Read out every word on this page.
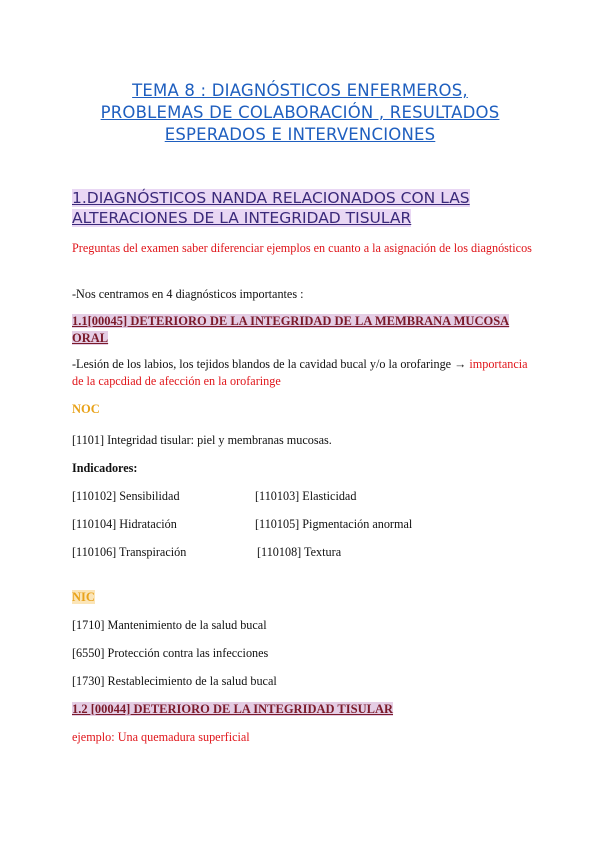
TEMA 8 : DIAGNÓSTICOS ENFERMEROS,
PROBLEMAS DE COLABORACIÓN , RESULTADOS
ESPERADOS E INTERVENCIONES
1.DIAGNÓSTICOS NANDA RELACIONADOS CON LAS
ALTERACIONES DE LA INTEGRIDAD TISULAR
Preguntas del examen saber diferenciar ejemplos en cuanto a la asignación de los diagnósticos
-Nos centramos en 4 diagnósticos importantes :
1.1[00045] DETERIORO DE LA INTEGRIDAD DE LA MEMBRANA MUCOSA ORAL
-Lesión de los labios, los tejidos blandos de la cavidad bucal y/o la orofaringe → importancia de la capcdiad de afección en la orofaringe
NOC
[1101] Integridad tisular: piel y membranas mucosas.
Indicadores:
[110102] Sensibilidad	[110103] Elasticidad
[110104] Hidratación	[110105] Pigmentación anormal
[110106] Transpiración	[110108] Textura
NIC
[1710] Mantenimiento de la salud bucal
[6550] Protección contra las infecciones
[1730] Restablecimiento de la salud bucal
1.2 [00044] DETERIORO DE LA INTEGRIDAD TISULAR
ejemplo: Una quemadura superficial
